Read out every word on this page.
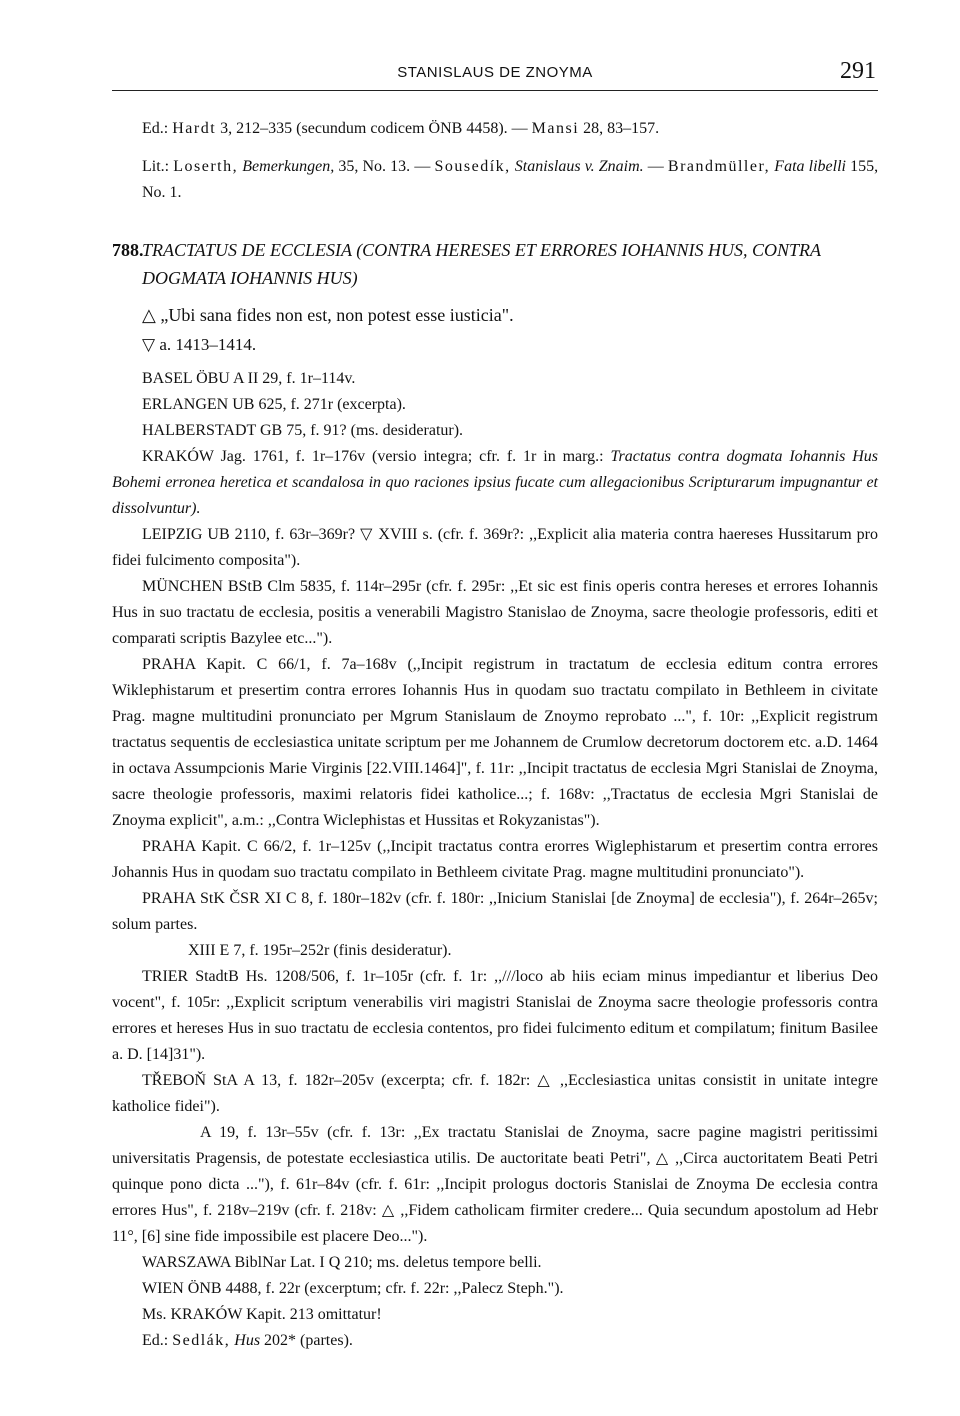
STANISLAUS DE ZNOYMA	291

Ed.: Hardt 3, 212–335 (secundum codicem ÖNB 4458). — Mansi 28, 83–157.

Lit.: Loserth, Bemerkungen, 35, No. 13. — Sousedík, Stanislaus v. Znaim. — Brandmüller, Fata libelli 155, No. 1.

788.
TRACTATUS DE ECCLESIA (CONTRA HERESES ET ERRORES IOHANNIS HUS, CONTRA DOGMATA IOHANNIS HUS)
△ „Ubi sana fides non est, non potest esse iusticia".
▽ a. 1413–1414.

BASEL ÖBU A II 29, f. 1r–114v.

ERLANGEN UB 625, f. 271r (excerpta).

HALBERSTADT GB 75, f. 91? (ms. desideratur).

KRAKÓW Jag. 1761, f. 1r–176v (versio integra; cfr. f. 1r in marg.: Tractatus contra dogmata Iohannis Hus Bohemi erronea heretica et scandalosa in quo raciones ipsius fucate cum allegacionibus Scripturarum impugnantur et dissolvuntur).

LEIPZIG UB 2110, f. 63r–369r? ▽ XVIII s. (cfr. f. 369r?: ,,Explicit alia materia contra haereses Hussitarum pro fidei fulcimento composita").

MÜNCHEN BStB Clm 5835, f. 114r–295r (cfr. f. 295r: ,,Et sic est finis operis contra hereses et errores Iohannis Hus in suo tractatu de ecclesia, positis a venerabili Magistro Stanislao de Znoyma, sacre theologie professoris, editi et comparati scriptis Bazylee etc...").

PRAHA Kapit. C 66/1, f. 7a–168v (,,Incipit registrum in tractatum de ecclesia editum contra errores Wiklephistarum et presertim contra errores Iohannis Hus in quodam suo tractatu compilato in Bethleem in civitate Prag. magne multitudini pronunciato per Mgrum Stanislaum de Znoymo reprobato ...", f. 10r: ,,Explicit registrum tractatus sequentis de ecclesiastica unitate scriptum per me Johannem de Crumlow decretorum doctorem etc. a.D. 1464 in octava Assumpcionis Marie Virginis [22.VIII.1464]", f. 11r: ,,Incipit tractatus de ecclesia Mgri Stanislai de Znoyma, sacre theologie professoris, maximi relatoris fidei katholice...; f. 168v: ,,Tractatus de ecclesia Mgri Stanislai de Znoyma explicit", a.m.: ,,Contra Wiclephistas et Hussitas et Rokyzanistas").

PRAHA Kapit. C 66/2, f. 1r–125v (,,Incipit tractatus contra erorres Wiglephistarum et presertim contra errores Johannis Hus in quodam suo tractatu compilato in Bethleem civitate Prag. magne multitudini pronunciato").

PRAHA StK ČSR XI C 8, f. 180r–182v (cfr. f. 180r: ,,Inicium Stanislai [de Znoyma] de ecclesia"), f. 264r–265v; solum partes.

XIII E 7, f. 195r–252r (finis desideratur).

TRIER StadtB Hs. 1208/506, f. 1r–105r (cfr. f. 1r: ,,///loco ab hiis eciam minus impediantur et liberius Deo vocent", f. 105r: ,,Explicit scriptum venerabilis viri magistri Stanislai de Znoyma sacre theologie professoris contra errores et hereses Hus in suo tractatu de ecclesia contentos, pro fidei fulcimento editum et compilatum; finitum Basilee a. D. [14]31").

TŘEBOŇ StA A 13, f. 182r–205v (excerpta; cfr. f. 182r: △ ,,Ecclesiastica unitas consistit in unitate integre katholice fidei").

A 19, f. 13r–55v (cfr. f. 13r: ,,Ex tractatu Stanislai de Znoyma, sacre pagine magistri peritissimi universitatis Pragensis, de potestate ecclesiastica utilis. De auctoritate beati Petri", △ ,,Circa auctoritatem Beati Petri quinque pono dicta ..."), f. 61r–84v (cfr. f. 61r: ,,Incipit prologus doctoris Stanislai de Znoyma De ecclesia contra errores Hus", f. 218v–219v (cfr. f. 218v: △ ,,Fidem catholicam firmiter credere... Quia secundum apostolum ad Hebr 11°, [6] sine fide impossibile est placere Deo...").

WARSZAWA BiblNar Lat. I Q 210; ms. deletus tempore belli.

WIEN ÖNB 4488, f. 22r (excerptum; cfr. f. 22r: ,,Palecz Steph.").

Ms. KRAKÓW Kapit. 213 omittatur!

Ed.: Sedlák, Hus 202* (partes).
